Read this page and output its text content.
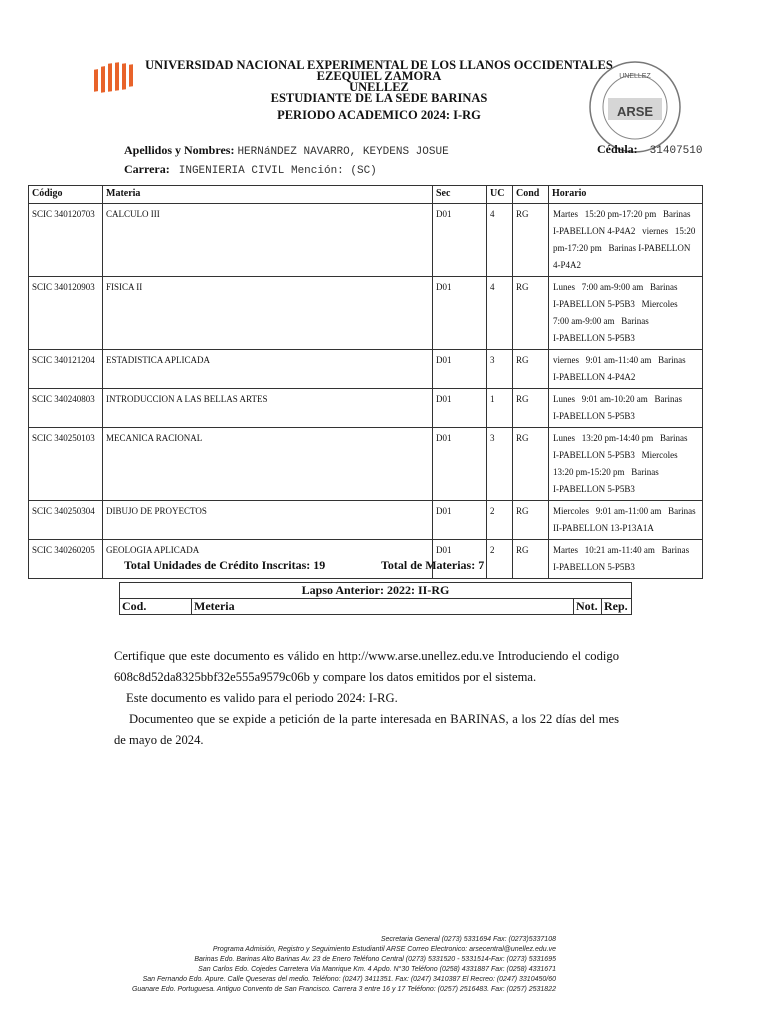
UNIVERSIDAD NACIONAL EXPERIMENTAL DE LOS LLANOS OCCIDENTALES
EZEQUIEL ZAMORA
UNELLEZ
ESTUDIANTE DE LA SEDE BARINAS
PERIODO ACADEMICO 2024: I-RG
UNELLEZ
ARSE
Apellidos y Nombres: HERNáNDEZ NAVARRO, KEYDENS JOSUE
Carrera: INGENIERIA CIVIL Mención: (SC)
Cédula: 31407510
Código	Materia	Sec	UC	Cond	Horario
SCIC 340120703	CALCULO III	D01	4	RG	Martes   15:20 pm-17:20 pm   Barinas
I-PABELLON 4-P4A2   viernes   15:20
pm-17:20 pm   Barinas I-PABELLON
4-P4A2

SCIC 340120903	FISICA II	D01	4	RG	Lunes   7:00 am-9:00 am   Barinas
I-PABELLON 5-P5B3   Miercoles
7:00 am-9:00 am   Barinas
I-PABELLON 5-P5B3

SCIC 340121204	ESTADISTICA APLICADA	D01	3	RG	viernes   9:01 am-11:40 am   Barinas
I-PABELLON 4-P4A2

SCIC 340240803	INTRODUCCION A LAS BELLAS ARTES	D01	1	RG	Lunes   9:01 am-10:20 am   Barinas
I-PABELLON 5-P5B3

SCIC 340250103	MECANICA RACIONAL	D01	3	RG	Lunes   13:20 pm-14:40 pm   Barinas
I-PABELLON 5-P5B3   Miercoles
13:20 pm-15:20 pm   Barinas
I-PABELLON 5-P5B3

SCIC 340250304	DIBUJO DE PROYECTOS	D01	2	RG	Miercoles   9:01 am-11:00 am   Barinas
II-PABELLON 13-P13A1A

SCIC 340260205	GEOLOGIA APLICADA	D01	2	RG	Martes   10:21 am-11:40 am   Barinas
I-PABELLON 5-P5B3
Total Unidades de Crédito Inscritas: 19	Total de Materias: 7
Lapso Anterior: 2022: II-RG
Cod.	Meteria	Not.	Rep.

Certifique que este documento es válido en http://www.arse.unellez.edu.ve Introduciendo el codigo 608c8d52da8325bbf32e555a9579c06b y compare los datos emitidos por el sistema.

Este documento es valido para el periodo 2024: I-RG.

Documenteo que se expide a petición de la parte interesada en BARINAS, a los 22 días del mes de mayo de 2024.

Secretaria General (0273) 5331694 Fax: (0273)5337108
Programa Admisión, Registro y Seguimiento Estudiantil ARSE Correo Electronico: arsecentral@unellez.edu.ve
Barinas Edo. Barinas Alto Barinas Av. 23 de Enero Teléfono Central (0273) 5331520 - 5331514-Fax: (0273) 5331695
San Carlos Edo. Cojedes Carretera Via Manrique Km. 4 Apdo. N°30 Teléfono (0258) 4331887 Fax: (0258) 4331671
San Fernando Edo. Apure. Calle Queseras del medio. Teléfono: (0247) 3411351. Fax: (0247) 3410387 El Recreo: (0247) 3310450/60
Guanare Edo. Portuguesa. Antiguo Convento de San Francisco. Carrera 3 entre 16 y 17 Teléfono: (0257) 2516483. Fax: (0257) 2531822
